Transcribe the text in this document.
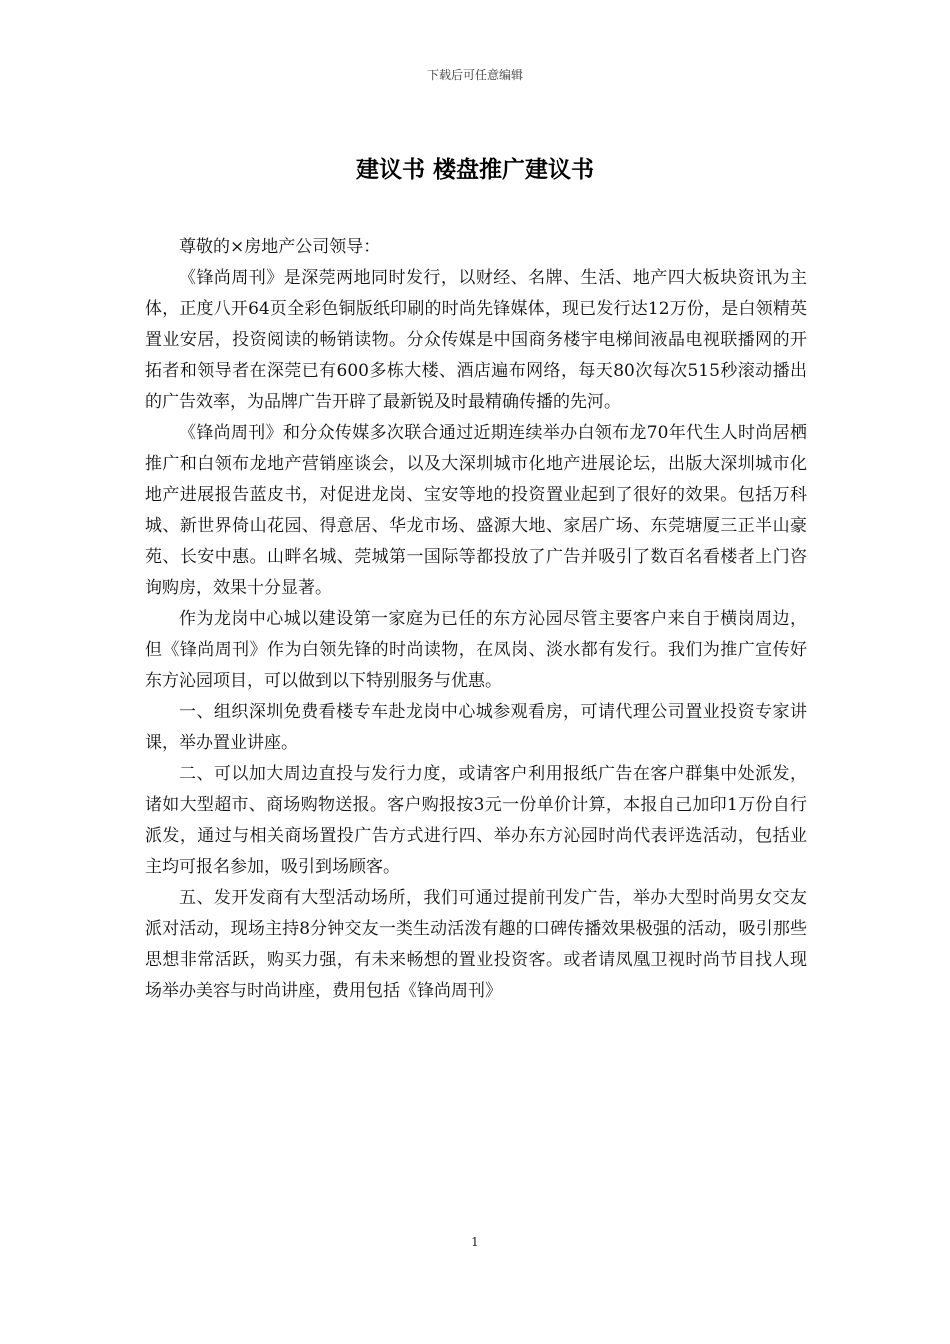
下载后可任意编辑
建议书 楼盘推广建议书

尊敬的×房地产公司领导：

《锋尚周刊》是深莞两地同时发行，以财经、名牌、生活、地产四大板块资讯为主体，正度八开64页全彩色铜版纸印刷的时尚先锋媒体，现已发行达12万份，是白领精英置业安居，投资阅读的畅销读物。分众传媒是中国商务楼宇电梯间液晶电视联播网的开拓者和领导者在深莞已有600多栋大楼、酒店遍布网络，每天80次每次515秒滚动播出的广告效率，为品牌广告开辟了最新锐及时最精确传播的先河。

《锋尚周刊》和分众传媒多次联合通过近期连续举办白领布龙70年代生人时尚居栖推广和白领布龙地产营销座谈会，以及大深圳城市化地产进展论坛，出版大深圳城市化地产进展报告蓝皮书，对促进龙岗、宝安等地的投资置业起到了很好的效果。包括万科城、新世界倚山花园、得意居、华龙市场、盛源大地、家居广场、东莞塘厦三正半山豪苑、长安中惠。山畔名城、莞城第一国际等都投放了广告并吸引了数百名看楼者上门咨询购房，效果十分显著。

作为龙岗中心城以建设第一家庭为已任的东方沁园尽管主要客户来自于横岗周边，但《锋尚周刊》作为白领先锋的时尚读物，在凤岗、淡水都有发行。我们为推广宣传好东方沁园项目，可以做到以下特别服务与优惠。

一、组织深圳免费看楼专车赴龙岗中心城参观看房，可请代理公司置业投资专家讲课，举办置业讲座。

二、可以加大周边直投与发行力度，或请客户利用报纸广告在客户群集中处派发，诸如大型超市、商场购物送报。客户购报按3元一份单价计算，本报自己加印1万份自行派发，通过与相关商场置投广告方式进行四、举办东方沁园时尚代表评选活动，包括业主均可报名参加，吸引到场顾客。

五、发开发商有大型活动场所，我们可通过提前刊发广告，举办大型时尚男女交友派对活动，现场主持8分钟交友一类生动活泼有趣的口碑传播效果极强的活动，吸引那些思想非常活跃，购买力强，有未来畅想的置业投资客。或者请凤凰卫视时尚节目找人现场举办美容与时尚讲座，费用包括《锋尚周刊》

1
